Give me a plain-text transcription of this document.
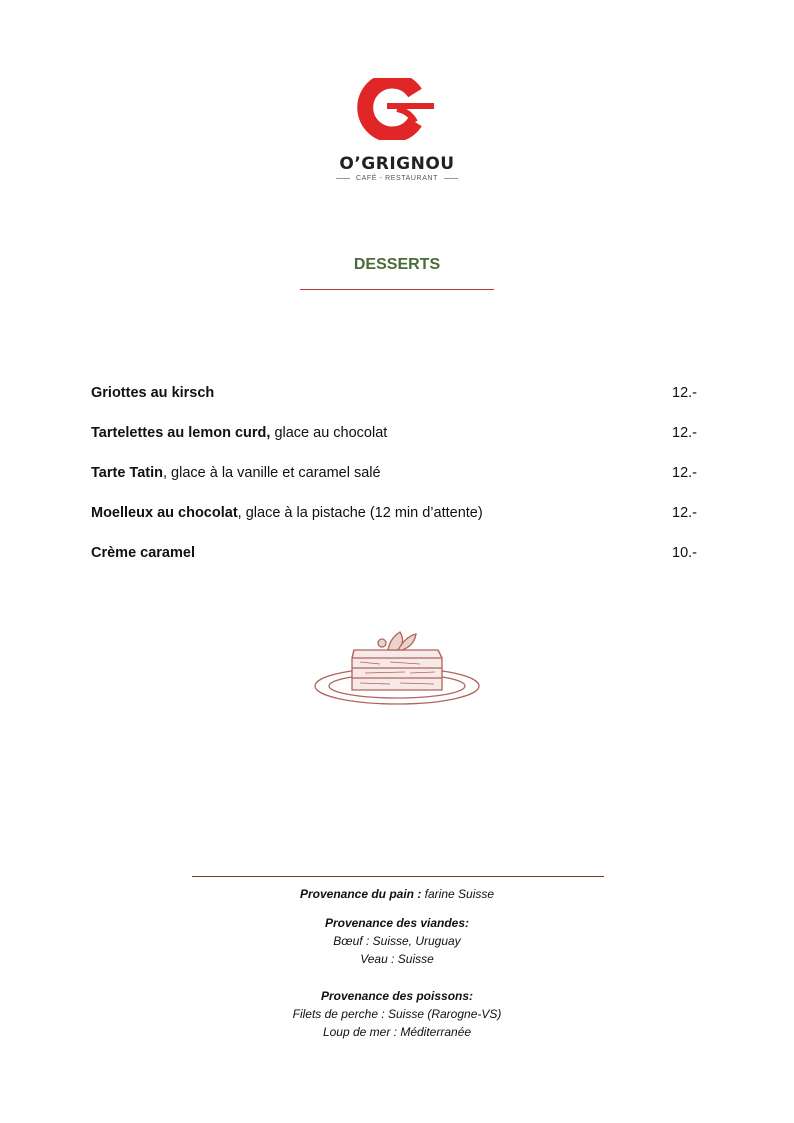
O’GRIGNOU
CAFÉ - RESTAURANT
DESSERTS
Griottes au kirsch	12.-
Tartelettes au lemon curd, glace au chocolat	12.-
Tarte Tatin, glace à la vanille et caramel salé	12.-
Moelleux au chocolat, glace à la pistache (12 min d’attente)	12.-
Crème caramel	10.-
Provenance du pain : farine Suisse
Provenance des viandes:
Bœuf : Suisse, Uruguay
Veau : Suisse
Provenance des poissons:
Filets de perche : Suisse (Rarogne-VS)
Loup de mer : Méditerranée
